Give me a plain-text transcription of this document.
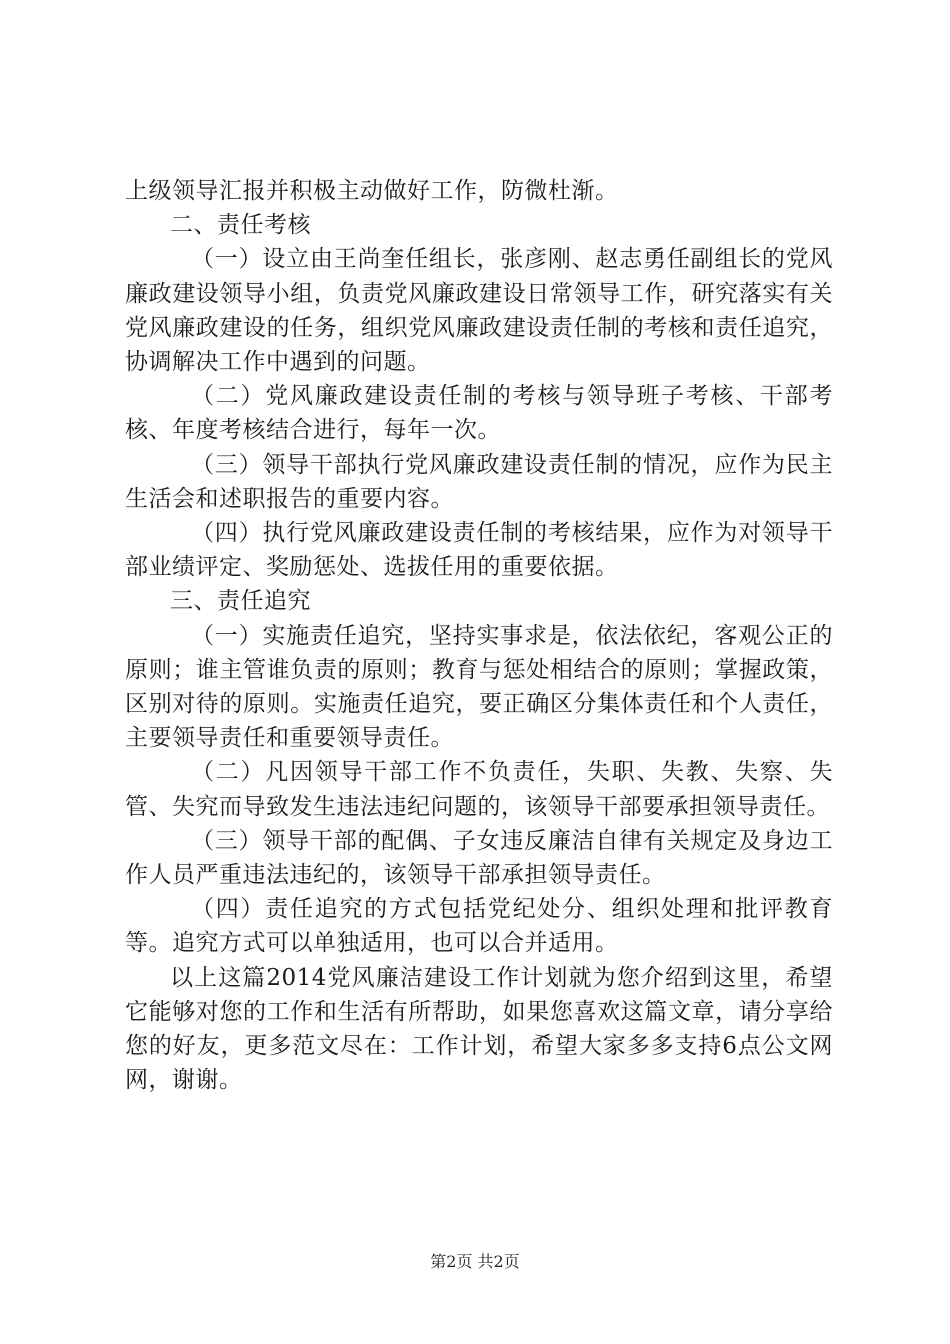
上级领导汇报并积极主动做好工作，防微杜渐。

二、责任考核

（一）设立由王尚奎任组长，张彦刚、赵志勇任副组长的党风廉政建设领导小组，负责党风廉政建设日常领导工作，研究落实有关党风廉政建设的任务，组织党风廉政建设责任制的考核和责任追究，协调解决工作中遇到的问题。

（二）党风廉政建设责任制的考核与领导班子考核、干部考核、年度考核结合进行，每年一次。

（三）领导干部执行党风廉政建设责任制的情况，应作为民主生活会和述职报告的重要内容。

（四）执行党风廉政建设责任制的考核结果，应作为对领导干部业绩评定、奖励惩处、选拔任用的重要依据。

三、责任追究

（一）实施责任追究，坚持实事求是，依法依纪，客观公正的原则；谁主管谁负责的原则；教育与惩处相结合的原则；掌握政策，区别对待的原则。实施责任追究，要正确区分集体责任和个人责任，主要领导责任和重要领导责任。

（二）凡因领导干部工作不负责任，失职、失教、失察、失管、失究而导致发生违法违纪问题的，该领导干部要承担领导责任。

（三）领导干部的配偶、子女违反廉洁自律有关规定及身边工作人员严重违法违纪的，该领导干部承担领导责任。

（四）责任追究的方式包括党纪处分、组织处理和批评教育等。追究方式可以单独适用，也可以合并适用。

以上这篇2014党风廉洁建设工作计划就为您介绍到这里，希望它能够对您的工作和生活有所帮助，如果您喜欢这篇文章，请分享给您的好友，更多范文尽在：工作计划，希望大家多多支持6点公文网网，谢谢。

第2页 共2页
